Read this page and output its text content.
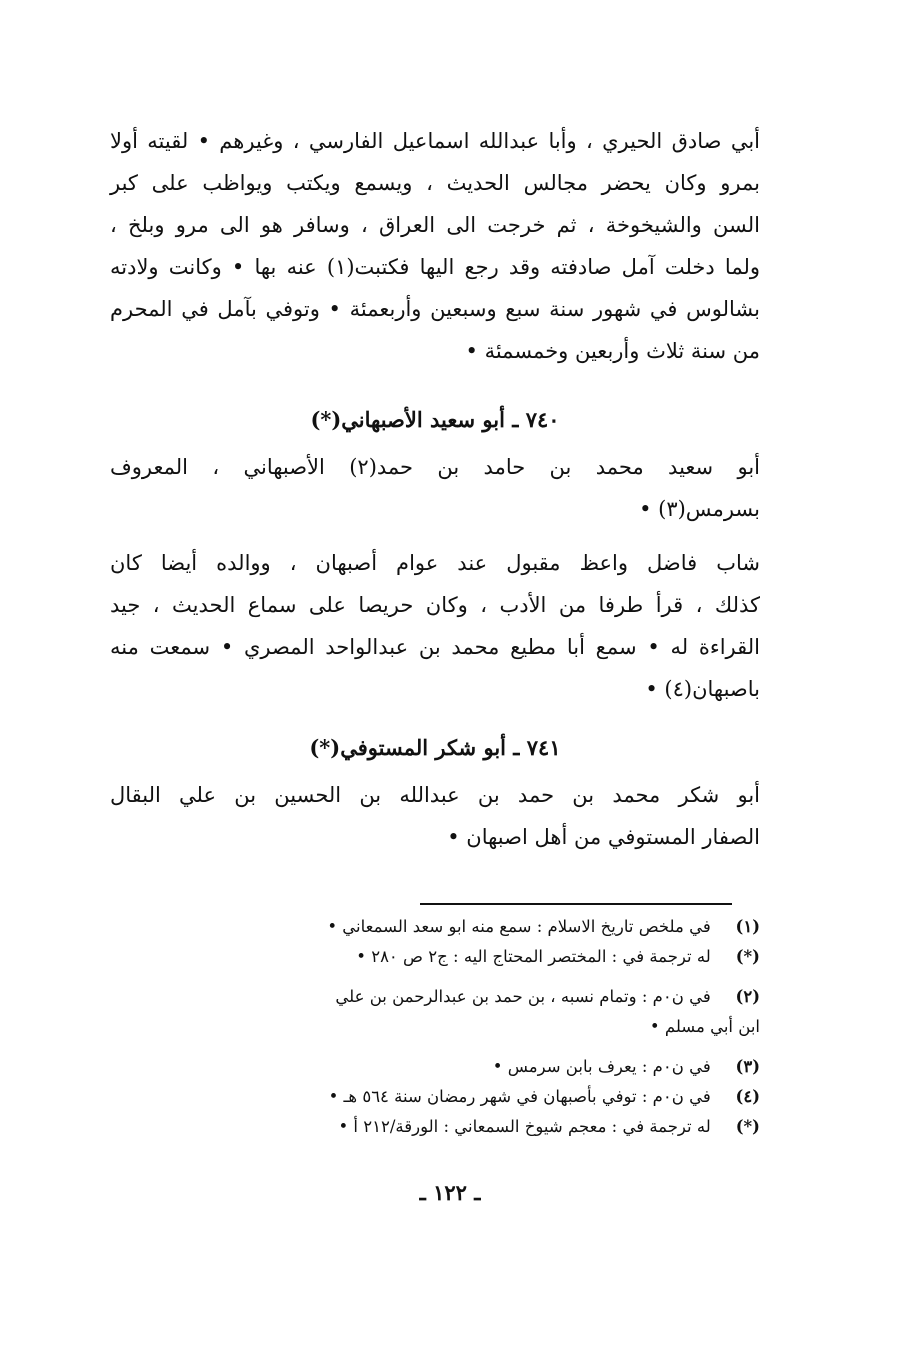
أبي صادق الحيري ، وأبا عبدالله اسماعيل الفارسي ، وغيرهم • لقيته أولا
بمرو وكان يحضر مجالس الحديث ، ويسمع ويكتب ويواظب على كبر
السن والشيخوخة ، ثم خرجت الى العراق ، وسافر هو الى مرو وبلخ ،
ولما دخلت آمل صادفته وقد رجع اليها فكتبت(١) عنه بها • وكانت ولادته
بشالوس في شهور سنة سبع وسبعين وأربعمئة • وتوفي بآمل في المحرم
من سنة ثلاث وأربعين وخمسمئة •

٧٤٠ ـ أبو سعيد الأصبهاني(*)

أبو سعيد محمد بن حامد بن حمد(٢) الأصبهاني ، المعروف
بسرمس(٣) •

شاب فاضل واعظ مقبول عند عوام أصبهان ، ووالده أيضا كان
كذلك ، قرأ طرفا من الأدب ، وكان حريصا على سماع الحديث ، جيد
القراءة له • سمع أبا مطيع محمد بن عبدالواحد المصري • سمعت منه
باصبهان(٤) •

٧٤١ ـ أبو شكر المستوفي(*)

أبو شكر محمد بن حمد بن عبدالله بن الحسين بن علي البقال
الصفار المستوفي من أهل اصبهان •

(١) في ملخص تاريخ الاسلام : سمع منه ابو سعد السمعاني •
(*) له ترجمة في : المختصر المحتاج اليه : ج٢ ص ٢٨٠ •
(٢) في ن٠م : وتمام نسبه ، بن حمد بن عبدالرحمن بن علي
ابن أبي مسلم •
(٣) في ن٠م : يعرف بابن سرمس •
(٤) في ن٠م : توفي بأصبهان في شهر رمضان سنة ٥٦٤ هـ •
(*) له ترجمة في : معجم شيوخ السمعاني : الورقة/٢١٢ أ •
ـ ١٢٢ ـ
